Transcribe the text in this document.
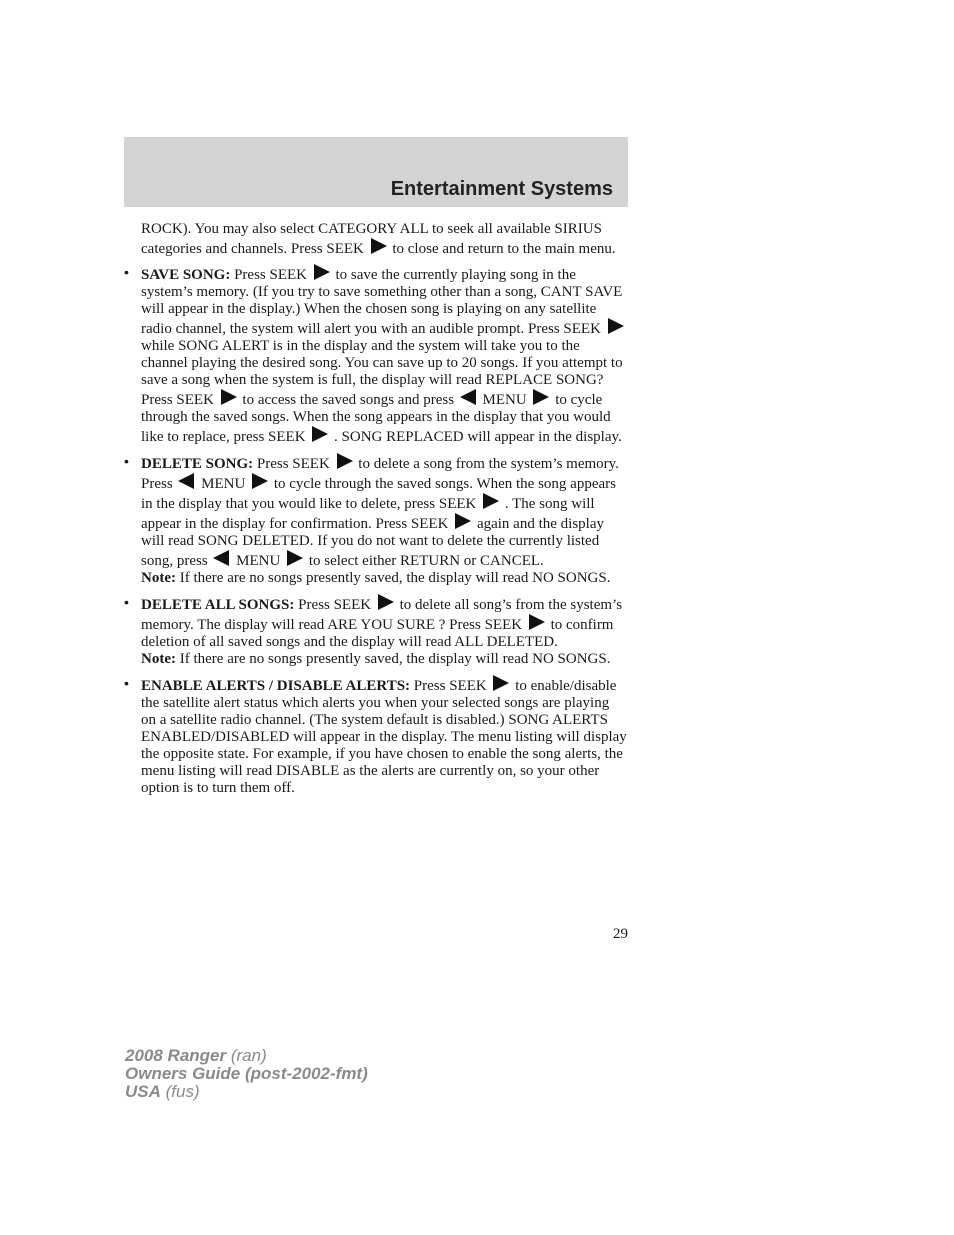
Entertainment Systems

ROCK). You may also select CATEGORY ALL to seek all available SIRIUS categories and channels. Press SEEK to close and return to the main menu.

• SAVE SONG: Press SEEK to save the currently playing song in the system’s memory. (If you try to save something other than a song, CANT SAVE will appear in the display.) When the chosen song is playing on any satellite radio channel, the system will alert you with an audible prompt. Press SEEK  while SONG ALERT is in the display and the system will take you to the channel playing the desired song. You can save up to 20 songs. If you attempt to save a song when the system is full, the display will read REPLACE SONG? Press SEEK to access the saved songs and press MENU to cycle through the saved songs. When the song appears in the display that you would like to replace, press SEEK . SONG REPLACED will appear in the display.
• DELETE SONG: Press SEEK to delete a song from the system’s memory. Press MENU to cycle through the saved songs. When the song appears in the display that you would like to delete, press SEEK . The song will appear in the display for confirmation. Press SEEK again and the display will read SONG DELETED. If you do not want to delete the currently listed song, press MENU to select either RETURN or CANCEL.
Note: If there are no songs presently saved, the display will read NO SONGS.
• DELETE ALL SONGS: Press SEEK to delete all song’s from the system’s memory. The display will read ARE YOU SURE ? Press SEEK to confirm deletion of all saved songs and the display will read ALL DELETED.
Note: If there are no songs presently saved, the display will read NO SONGS.
• ENABLE ALERTS / DISABLE ALERTS: Press SEEK to enable/disable the satellite alert status which alerts you when your selected songs are playing on a satellite radio channel. (The system default is disabled.) SONG ALERTS ENABLED/DISABLED will appear in the display. The menu listing will display the opposite state. For example, if you have chosen to enable the song alerts, the menu listing will read DISABLE as the alerts are currently on, so your other option is to turn them off.
29
2008 Ranger (ran)
Owners Guide (post-2002-fmt)
USA (fus)
